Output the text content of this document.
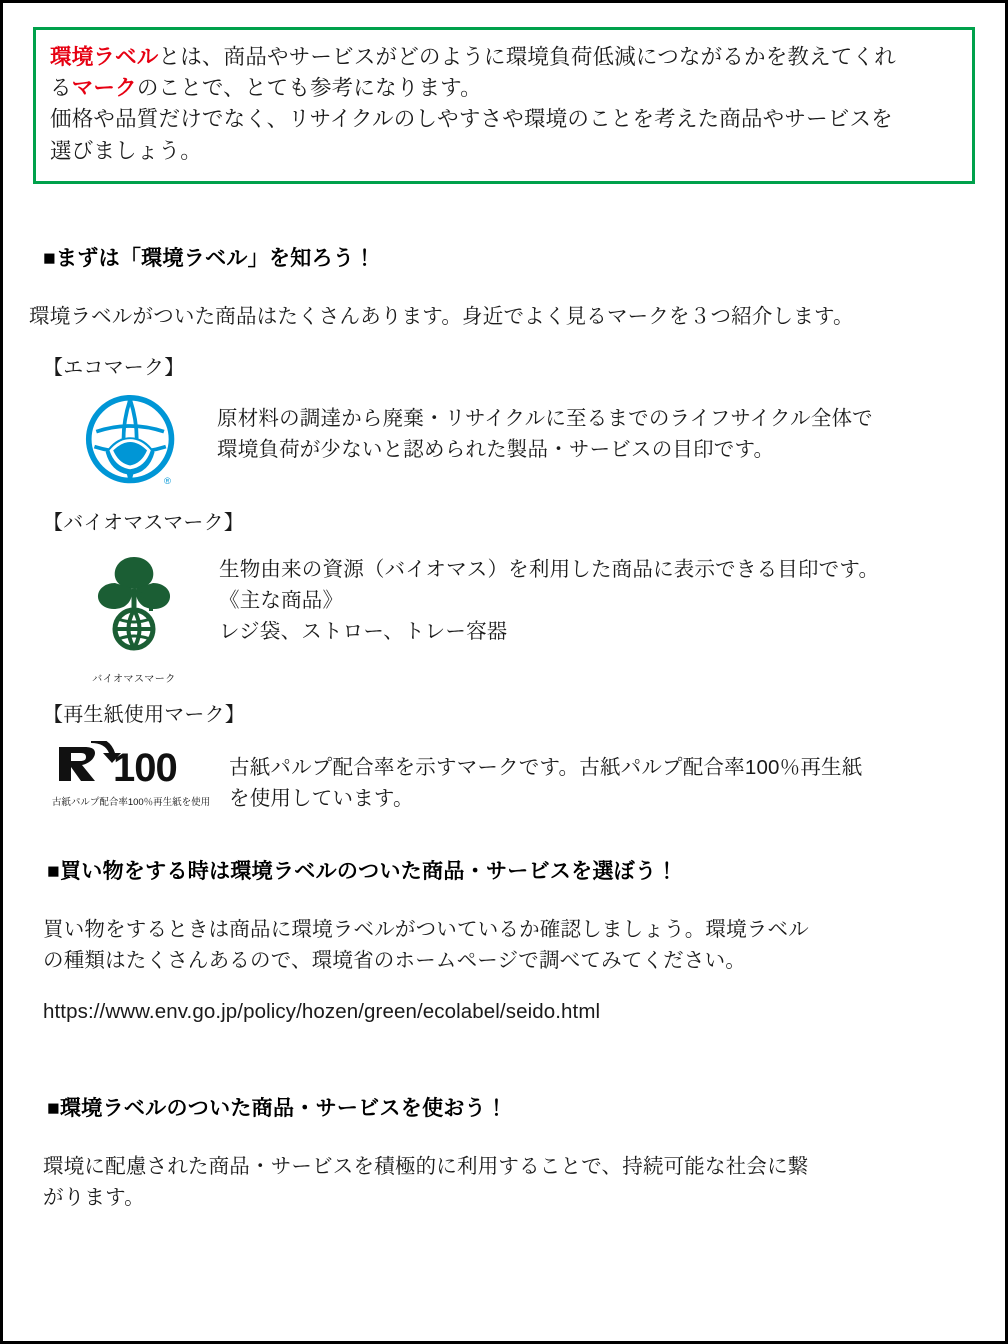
環境ラベルとは、商品やサービスがどのように環境負荷低減につながるかを教えてくれ

るマークのことで、とても参考になります。

価格や品質だけでなく、リサイクルのしやすさや環境のことを考えた商品やサービスを

選びましょう。

■まずは「環境ラベル」を知ろう！

環境ラベルがついた商品はたくさんあります。身近でよく見るマークを３つ紹介します。

【エコマーク】

®
原材料の調達から廃棄・リサイクルに至るまでのライフサイクル全体で
環境負荷が少ないと認められた製品・サービスの目印です。

【バイオマスマーク】

バイオマスマーク
生物由来の資源（バイオマス）を利用した商品に表示できる目印です。
《主な商品》
レジ袋、ストロー、トレー容器

【再生紙使用マーク】

100
古紙パルプ配合率100％再生紙を使用
古紙パルプ配合率を示すマークです。古紙パルプ配合率100％再生紙
を使用しています。
■買い物をする時は環境ラベルのついた商品・サービスを選ぼう！

買い物をするときは商品に環境ラベルがついているか確認しましょう。環境ラベル

の種類はたくさんあるので、環境省のホームページで調べてみてください。

https://www.env.go.jp/policy/hozen/green/ecolabel/seido.html

■環境ラベルのついた商品・サービスを使おう！

環境に配慮された商品・サービスを積極的に利用することで、持続可能な社会に繋

がります。
